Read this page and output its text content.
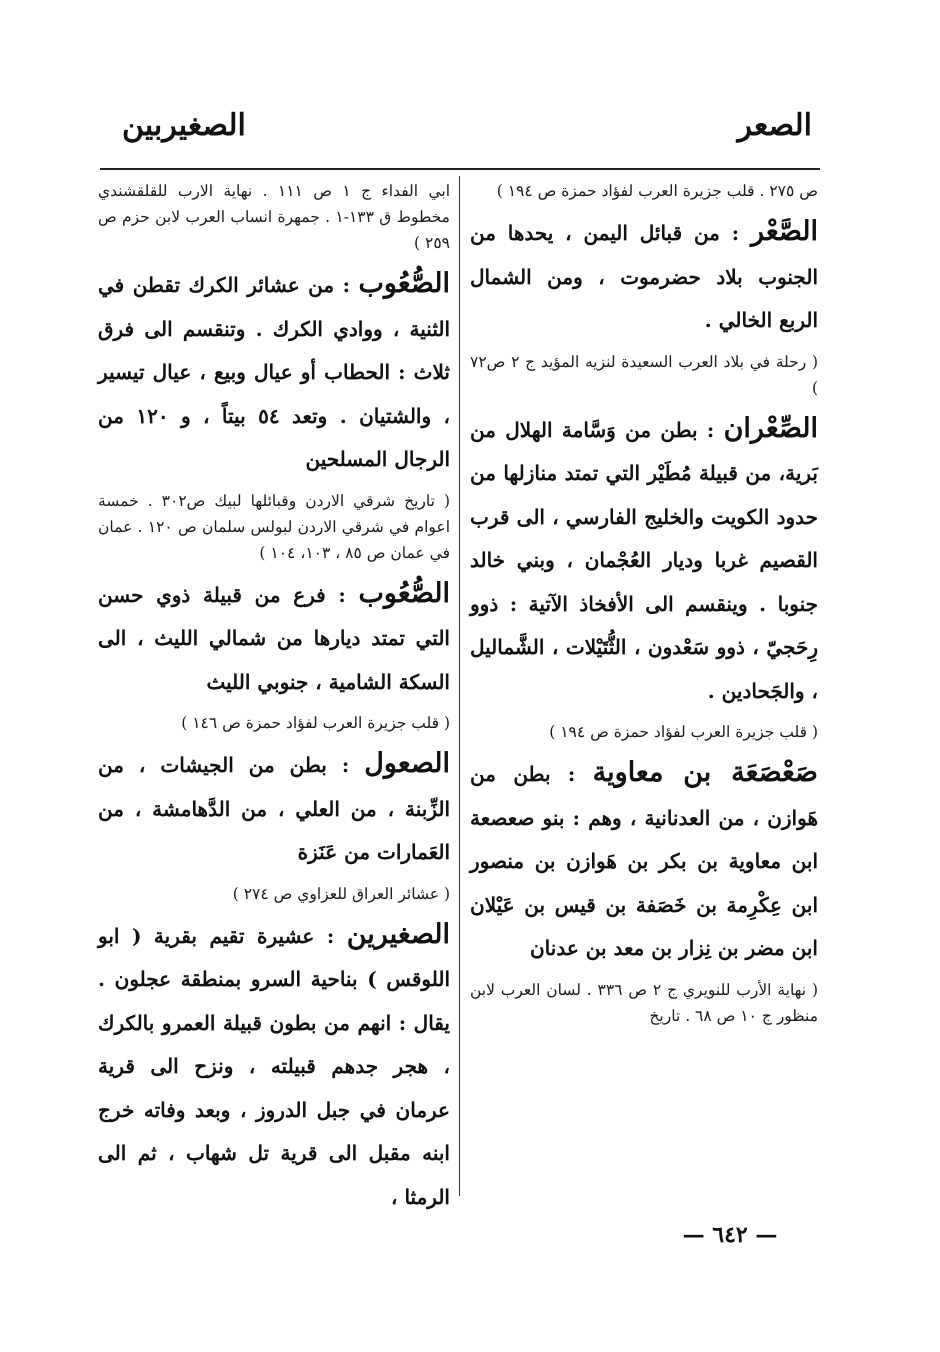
الصعر
الصغيربين

ص ٢٧٥ . قلب جزيرة العرب لفؤاد حمزة ص ١٩٤ )

الصَّعْر : من قبائل اليمن ، يحدها من الجنوب بلاد حضرموت ، ومن الشمال الربع الخالي .

( رحلة في بلاد العرب السعيدة لنزيه المؤيد ج ٢ ص٧٢ )

الصِّعْران : بطن من وَسَّامة الهلال من بَرية، من قبيلة مُطَيْر التي تمتد منازلها من حدود الكويت والخليج الفارسي ، الى قرب القصيم غربا وديار العُجْمان ، وبني خالد جنوبا . وينقسم الى الأفخاذ الآتية : ذوو رِحَجيّ ، ذوو سَعْدون ، الثُّتَيْلات ، الشَّماليل ، والجَحادين .

( قلب جزيرة العرب لفؤاد حمزة ص ١٩٤ )

صَعْصَعَة بن معاوية : بطن من هَوازن ، من العدنانية ، وهم : بنو صعصعة ابن معاوية بن بكر بن هَوازن بن منصور ابن عِكْرِمة بن خَصَفة بن قيس بن عَيْلان ابن مضر بن نِزار بن معد بن عدنان

( نهاية الأرب للنويري ج ٢ ص ٣٣٦ . لسان العرب لابن منظور ج ١٠ ص ٦٨ . تاريخ

ابي الفداء ج ١ ص ١١١ . نهاية الارب للقلقشندي مخطوط ق ١٣٣-١ . جمهرة انساب العرب لابن حزم ص ٢٥٩ )

الصُّعُوب : من عشائر الكرك تقطن في الثنية ، ووادي الكرك . وتنقسم الى فرق ثلاث : الحطاب أو عيال وبيع ، عيال تيسير ، والشتيان . وتعد ٥٤ بيتاً ، و ١٢٠ من الرجال المسلحين

( تاريخ شرقي الاردن وقبائلها لبيك ص٣٠٢ . خمسة اعوام في شرقي الاردن لبولس سلمان ص ١٢٠ . عمان في عمان ص ٨٥ ، ١٠٣، ١٠٤ )

الصُّعُوب : فرع من قبيلة ذوي حسن التي تمتد ديارها من شمالي الليث ، الى السكة الشامية ، جنوبي الليث

( قلب جزيرة العرب لفؤاد حمزة ص ١٤٦ )

الصعول : بطن من الجيشات ، من الزِّبنة ، من العلي ، من الدَّهامشة ، من العَمارات من عَنَزة

( عشائر العراق للعزاوي ص ٢٧٤ )

الصغيرين : عشيرة تقيم بقرية ( ابو اللوقس ) بناحية السرو بمنطقة عجلون . يقال : انهم من بطون قبيلة العمرو بالكرك ، هجر جدهم قبيلته ، ونزح الى قرية عرمان في جبل الدروز ، وبعد وفاته خرج ابنه مقبل الى قرية تل شهاب ، ثم الى الرمثا ،

— ٦٤٢ —
